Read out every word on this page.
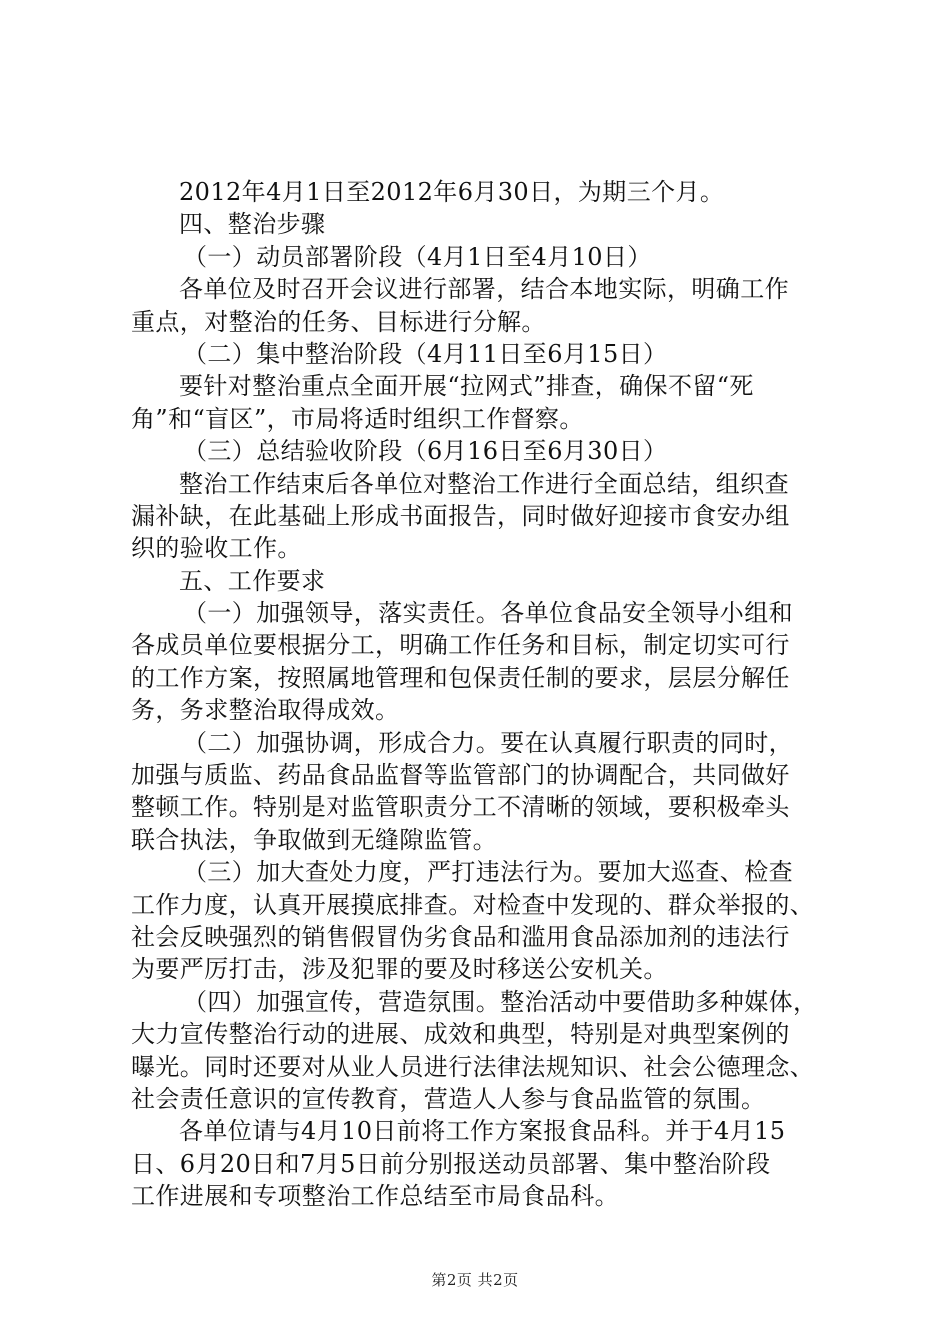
2012年4月1日至2012年6月30日，为期三个月。
四、整治步骤
（一）动员部署阶段（4月1日至4月10日）
各单位及时召开会议进行部署，结合本地实际，明确工作
重点，对整治的任务、目标进行分解。
（二）集中整治阶段（4月11日至6月15日）
要针对整治重点全面开展“拉网式”排查，确保不留“死
角”和“盲区”，市局将适时组织工作督察。
（三）总结验收阶段（6月16日至6月30日）
整治工作结束后各单位对整治工作进行全面总结，组织查
漏补缺，在此基础上形成书面报告，同时做好迎接市食安办组
织的验收工作。
五、工作要求
（一）加强领导，落实责任。各单位食品安全领导小组和
各成员单位要根据分工，明确工作任务和目标，制定切实可行
的工作方案，按照属地管理和包保责任制的要求，层层分解任
务，务求整治取得成效。
（二）加强协调，形成合力。要在认真履行职责的同时，
加强与质监、药品食品监督等监管部门的协调配合，共同做好
整顿工作。特别是对监管职责分工不清晰的领域，要积极牵头
联合执法，争取做到无缝隙监管。
（三）加大查处力度，严打违法行为。要加大巡查、检查
工作力度，认真开展摸底排查。对检查中发现的、群众举报的、
社会反映强烈的销售假冒伪劣食品和滥用食品添加剂的违法行
为要严厉打击，涉及犯罪的要及时移送公安机关。
（四）加强宣传，营造氛围。整治活动中要借助多种媒体，
大力宣传整治行动的进展、成效和典型，特别是对典型案例的
曝光。同时还要对从业人员进行法律法规知识、社会公德理念、
社会责任意识的宣传教育，营造人人参与食品监管的氛围。
各单位请与4月10日前将工作方案报食品科。并于4月15
日、6月20日和7月5日前分别报送动员部署、集中整治阶段
工作进展和专项整治工作总结至市局食品科。
第2页 共2页
